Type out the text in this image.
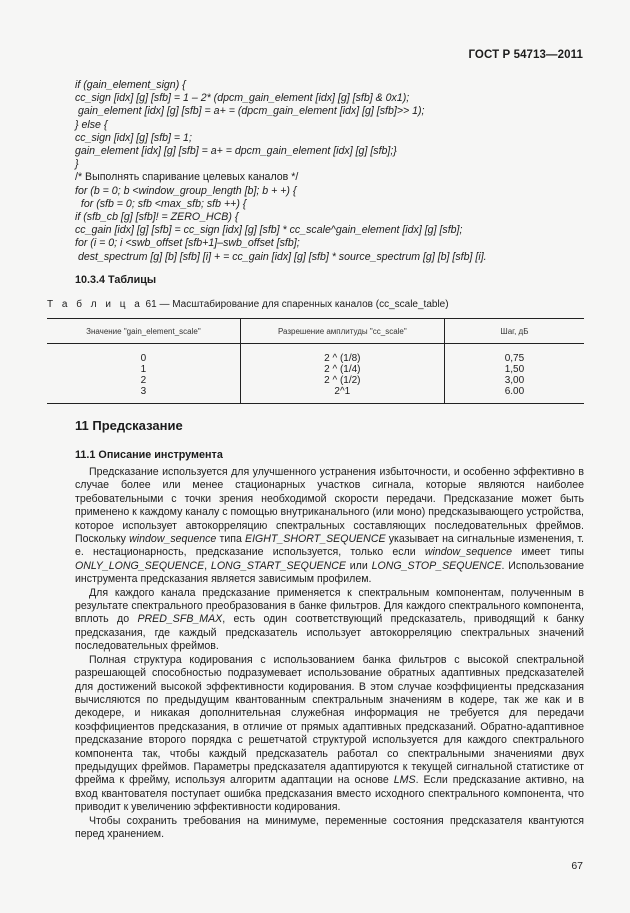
ГОСТ Р 54713—2011
if (gain_element_sign) {
cc_sign [idx] [g] [sfb] = 1 – 2* (dpcm_gain_element [idx] [g] [sfb] & 0x1);
gain_element [idx] [g] [sfb] = a+ = (dpcm_gain_element [idx] [g] [sfb]>> 1);
} else {
cc_sign [idx] [g] [sfb] = 1;
gain_element [idx] [g] [sfb] = a+ = dpcm_gain_element [idx] [g] [sfb];}
}
/* Выполнять спаривание целевых каналов */
for (b = 0; b <window_group_length [b]; b + +) {
for (sfb = 0; sfb <max_sfb; sfb ++) {
if (sfb_cb [g] [sfb]! = ZERO_HCB) {
cc_gain [idx] [g] [sfb] = cc_sign [idx] [g] [sfb] * cc_scale^gain_element [idx] [g] [sfb];
for (i = 0; i <swb_offset [sfb+1]–swb_offset [sfb];
dest_spectrum [g] [b] [sfb] [i] + = cc_gain [idx] [g] [sfb] * source_spectrum [g] [b] [sfb] [i].
10.3.4 Таблицы
Т а б л и ц а 61 — Масштабирование для спаренных каналов (cc_scale_table)
Значение "gain_element_scale"	Разрешение амплитуды "cc_scale"	Шаг, дБ
0	2 ^ (1/8)	0,75
1	2 ^ (1/4)	1,50
2	2 ^ (1/2)	3,00
3	2^1	6.00
11 Предсказание
11.1 Описание инструмента

Предсказание используется для улучшенного устранения избыточности, и особенно эффективно в случае более или менее стационарных участков сигнала, которые являются наиболее требовательными с точки зрения необходимой скорости передачи. Предсказание может быть применено к каждому каналу с помощью внутриканального (или моно) предсказывающего устройства, которое использует автокорреляцию спектральных составляющих последовательных фреймов. Поскольку window_sequence типа EIGHT_SHORT_SEQUENCE указывает на сигнальные изменения, т. е. нестационарность, предсказание используется, только если window_sequence имеет типы ONLY_LONG_SEQUENCE, LONG_START_SEQUENCE или LONG_STOP_SEQUENCE. Использование инструмента предсказания является зависимым профилем.

Для каждого канала предсказание применяется к спектральным компонентам, полученным в результате спектрального преобразования в банке фильтров. Для каждого спектрального компонента, вплоть до PRED_SFB_MAX, есть один соответствующий предсказатель, приводящий к банку предсказания, где каждый предсказатель использует автокорреляцию спектральных значений последовательных фреймов.

Полная структура кодирования с использованием банка фильтров с высокой спектральной разрешающей способностью подразумевает использование обратных адаптивных предсказателей для достижений высокой эффективности кодирования. В этом случае коэффициенты предсказания вычисляются по предыдущим квантованным спектральным значениям в кодере, так же как и в декодере, и никакая дополнительная служебная информация не требуется для передачи коэффициентов предсказания, в отличие от прямых адаптивных предсказаний. Обратно-адаптивное предсказание второго порядка с решетчатой структурой используется для каждого спектрального компонента так, чтобы каждый предсказатель работал со спектральными значениями двух предыдущих фреймов. Параметры предсказателя адаптируются к текущей сигнальной статистике от фрейма к фрейму, используя алгоритм адаптации на основе LMS. Если предсказание активно, на вход квантователя поступает ошибка предсказания вместо исходного спектрального компонента, что приводит к увеличению эффективности кодирования.

Чтобы сохранить требования на минимуме, переменные состояния предсказателя квантуются перед хранением.

67
